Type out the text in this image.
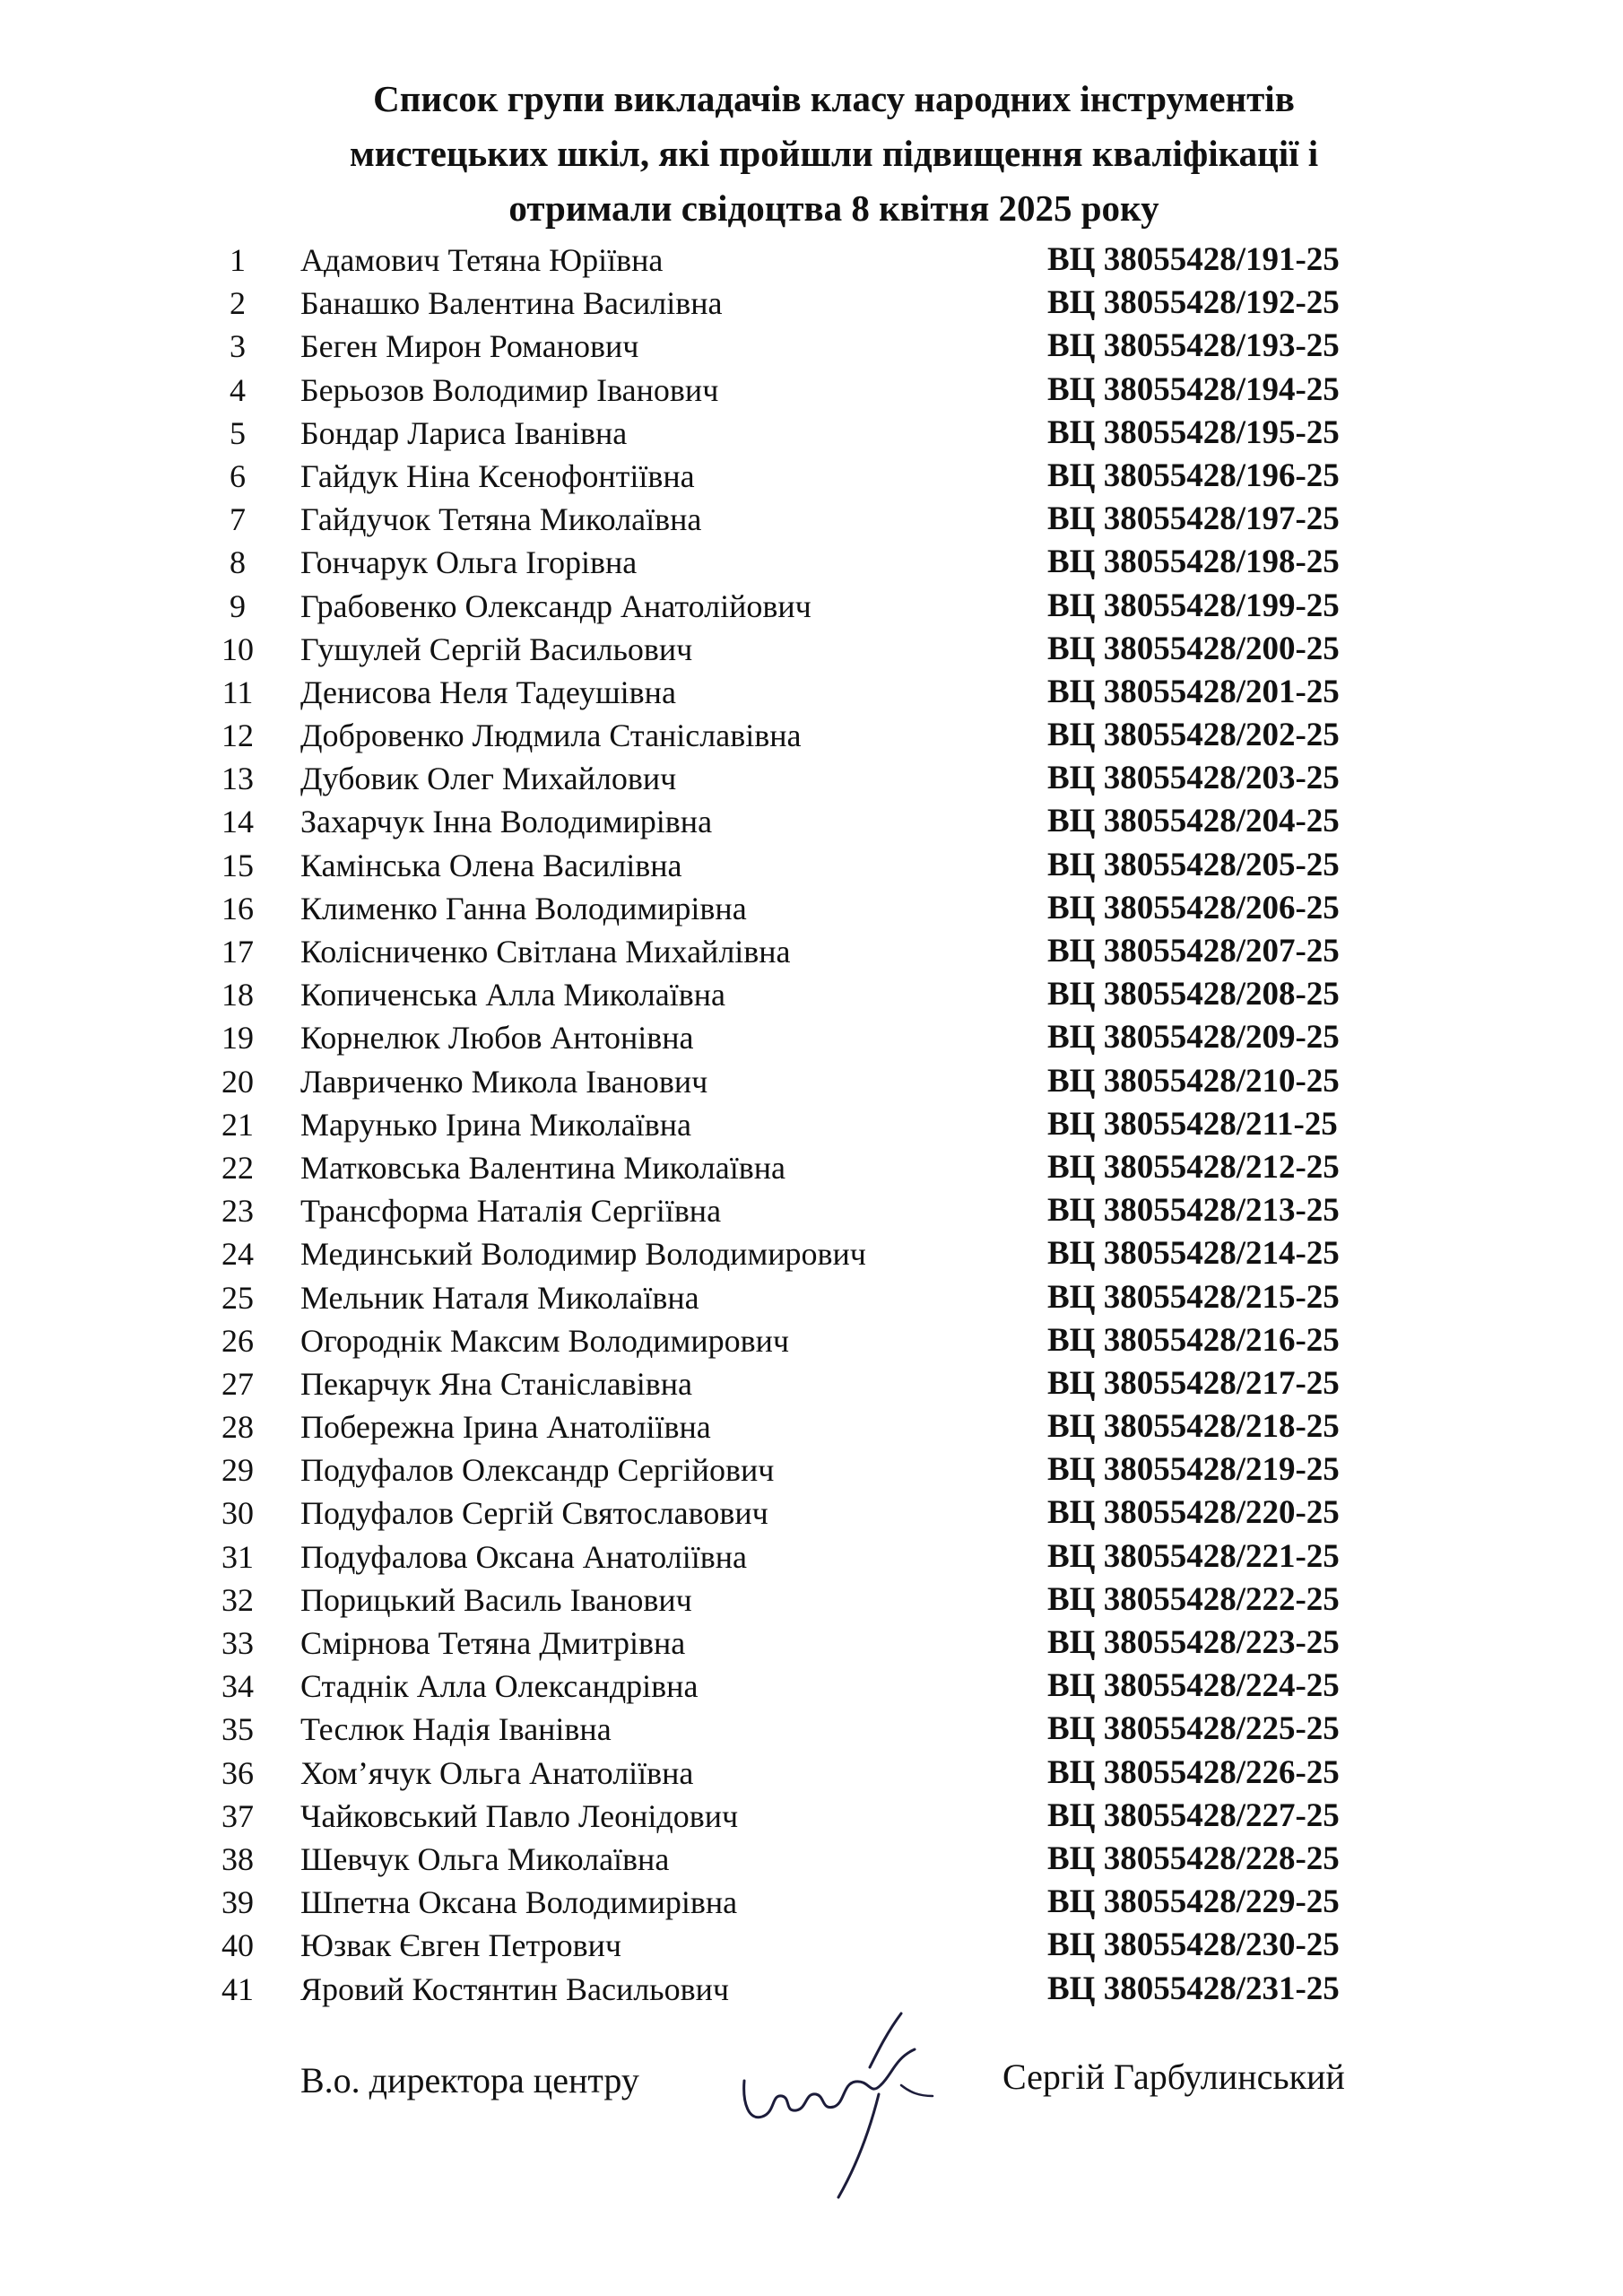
Список групи викладачів класу народних інструментів
мистецьких шкіл, які пройшли підвищення кваліфікації і
отримали свідоцтва 8 квітня 2025 року
1	Адамович Тетяна Юріївна	ВЦ 38055428/191-25
2	Банашко Валентина Василівна	ВЦ 38055428/192-25
3	Беген Мирон Романович	ВЦ 38055428/193-25
4	Берьозов Володимир Іванович	ВЦ 38055428/194-25
5	Бондар Лариса Іванівна	ВЦ 38055428/195-25
6	Гайдук Ніна Ксенофонтіївна	ВЦ 38055428/196-25
7	Гайдучок Тетяна Миколаївна	ВЦ 38055428/197-25
8	Гончарук Ольга Ігорівна	ВЦ 38055428/198-25
9	Грабовенко Олександр Анатолійович	ВЦ 38055428/199-25
10	Гушулей Сергій Васильович	ВЦ 38055428/200-25
11	Денисова Неля Тадеушівна	ВЦ 38055428/201-25
12	Добровенко Людмила Станіславівна	ВЦ 38055428/202-25
13	Дубовик Олег Михайлович	ВЦ 38055428/203-25
14	Захарчук Інна Володимирівна	ВЦ 38055428/204-25
15	Камінська Олена Василівна	ВЦ 38055428/205-25
16	Клименко Ганна Володимирівна	ВЦ 38055428/206-25
17	Колісниченко Світлана Михайлівна	ВЦ 38055428/207-25
18	Копиченська Алла Миколаївна	ВЦ 38055428/208-25
19	Корнелюк Любов Антонівна	ВЦ 38055428/209-25
20	Лавриченко Микола Іванович	ВЦ 38055428/210-25
21	Марунько Ірина Миколаївна	ВЦ 38055428/211-25
22	Матковська Валентина Миколаївна	ВЦ 38055428/212-25
23	Трансформа Наталія Сергіївна	ВЦ 38055428/213-25
24	Мединський Володимир Володимирович	ВЦ 38055428/214-25
25	Мельник Наталя Миколаївна	ВЦ 38055428/215-25
26	Огороднік Максим Володимирович	ВЦ 38055428/216-25
27	Пекарчук Яна Станіславівна	ВЦ 38055428/217-25
28	Побережна Ірина Анатоліївна	ВЦ 38055428/218-25
29	Подуфалов Олександр Сергійович	ВЦ 38055428/219-25
30	Подуфалов Сергій Святославович	ВЦ 38055428/220-25
31	Подуфалова Оксана Анатоліївна	ВЦ 38055428/221-25
32	Порицький Василь Іванович	ВЦ 38055428/222-25
33	Смірнова Тетяна Дмитрівна	ВЦ 38055428/223-25
34	Стаднік Алла Олександрівна	ВЦ 38055428/224-25
35	Теслюк Надія Іванівна	ВЦ 38055428/225-25
36	Хом’ячук Ольга Анатоліївна	ВЦ 38055428/226-25
37	Чайковський Павло Леонідович	ВЦ 38055428/227-25
38	Шевчук Ольга Миколаївна	ВЦ 38055428/228-25
39	Шпетна Оксана Володимирівна	ВЦ 38055428/229-25
40	Юзвак Євген Петрович	ВЦ 38055428/230-25
41	Яровий Костянтин Васильович	ВЦ 38055428/231-25
В.о. директора центру	Сергій Гарбулинський
